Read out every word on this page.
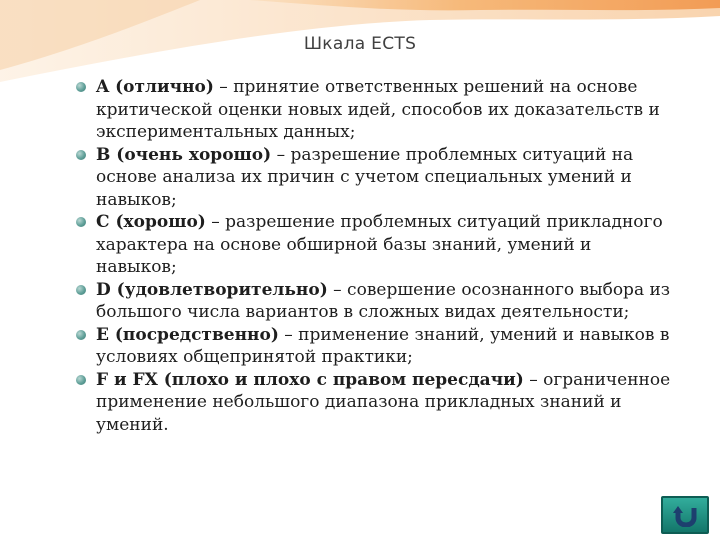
Шкала ECTS
A (отлично) – принятие ответственных решений на основе критической оценки новых идей, способов их доказательств и экспериментальных данных;
B (очень хорошо) – разрешение проблемных ситуаций на основе анализа их причин с учетом специальных умений и навыков;
C (хорошо) – разрешение проблемных ситуаций прикладного характера на основе обширной базы знаний, умений и навыков;
D (удовлетворительно) – совершение осознанного выбора из большого числа вариантов в сложных видах деятельности;
E (посредственно) – применение знаний, умений и навыков в условиях общепринятой практики;
F и FX (плохо и плохо с правом пересдачи) – ограниченное применение небольшого диапазона прикладных знаний и умений.
